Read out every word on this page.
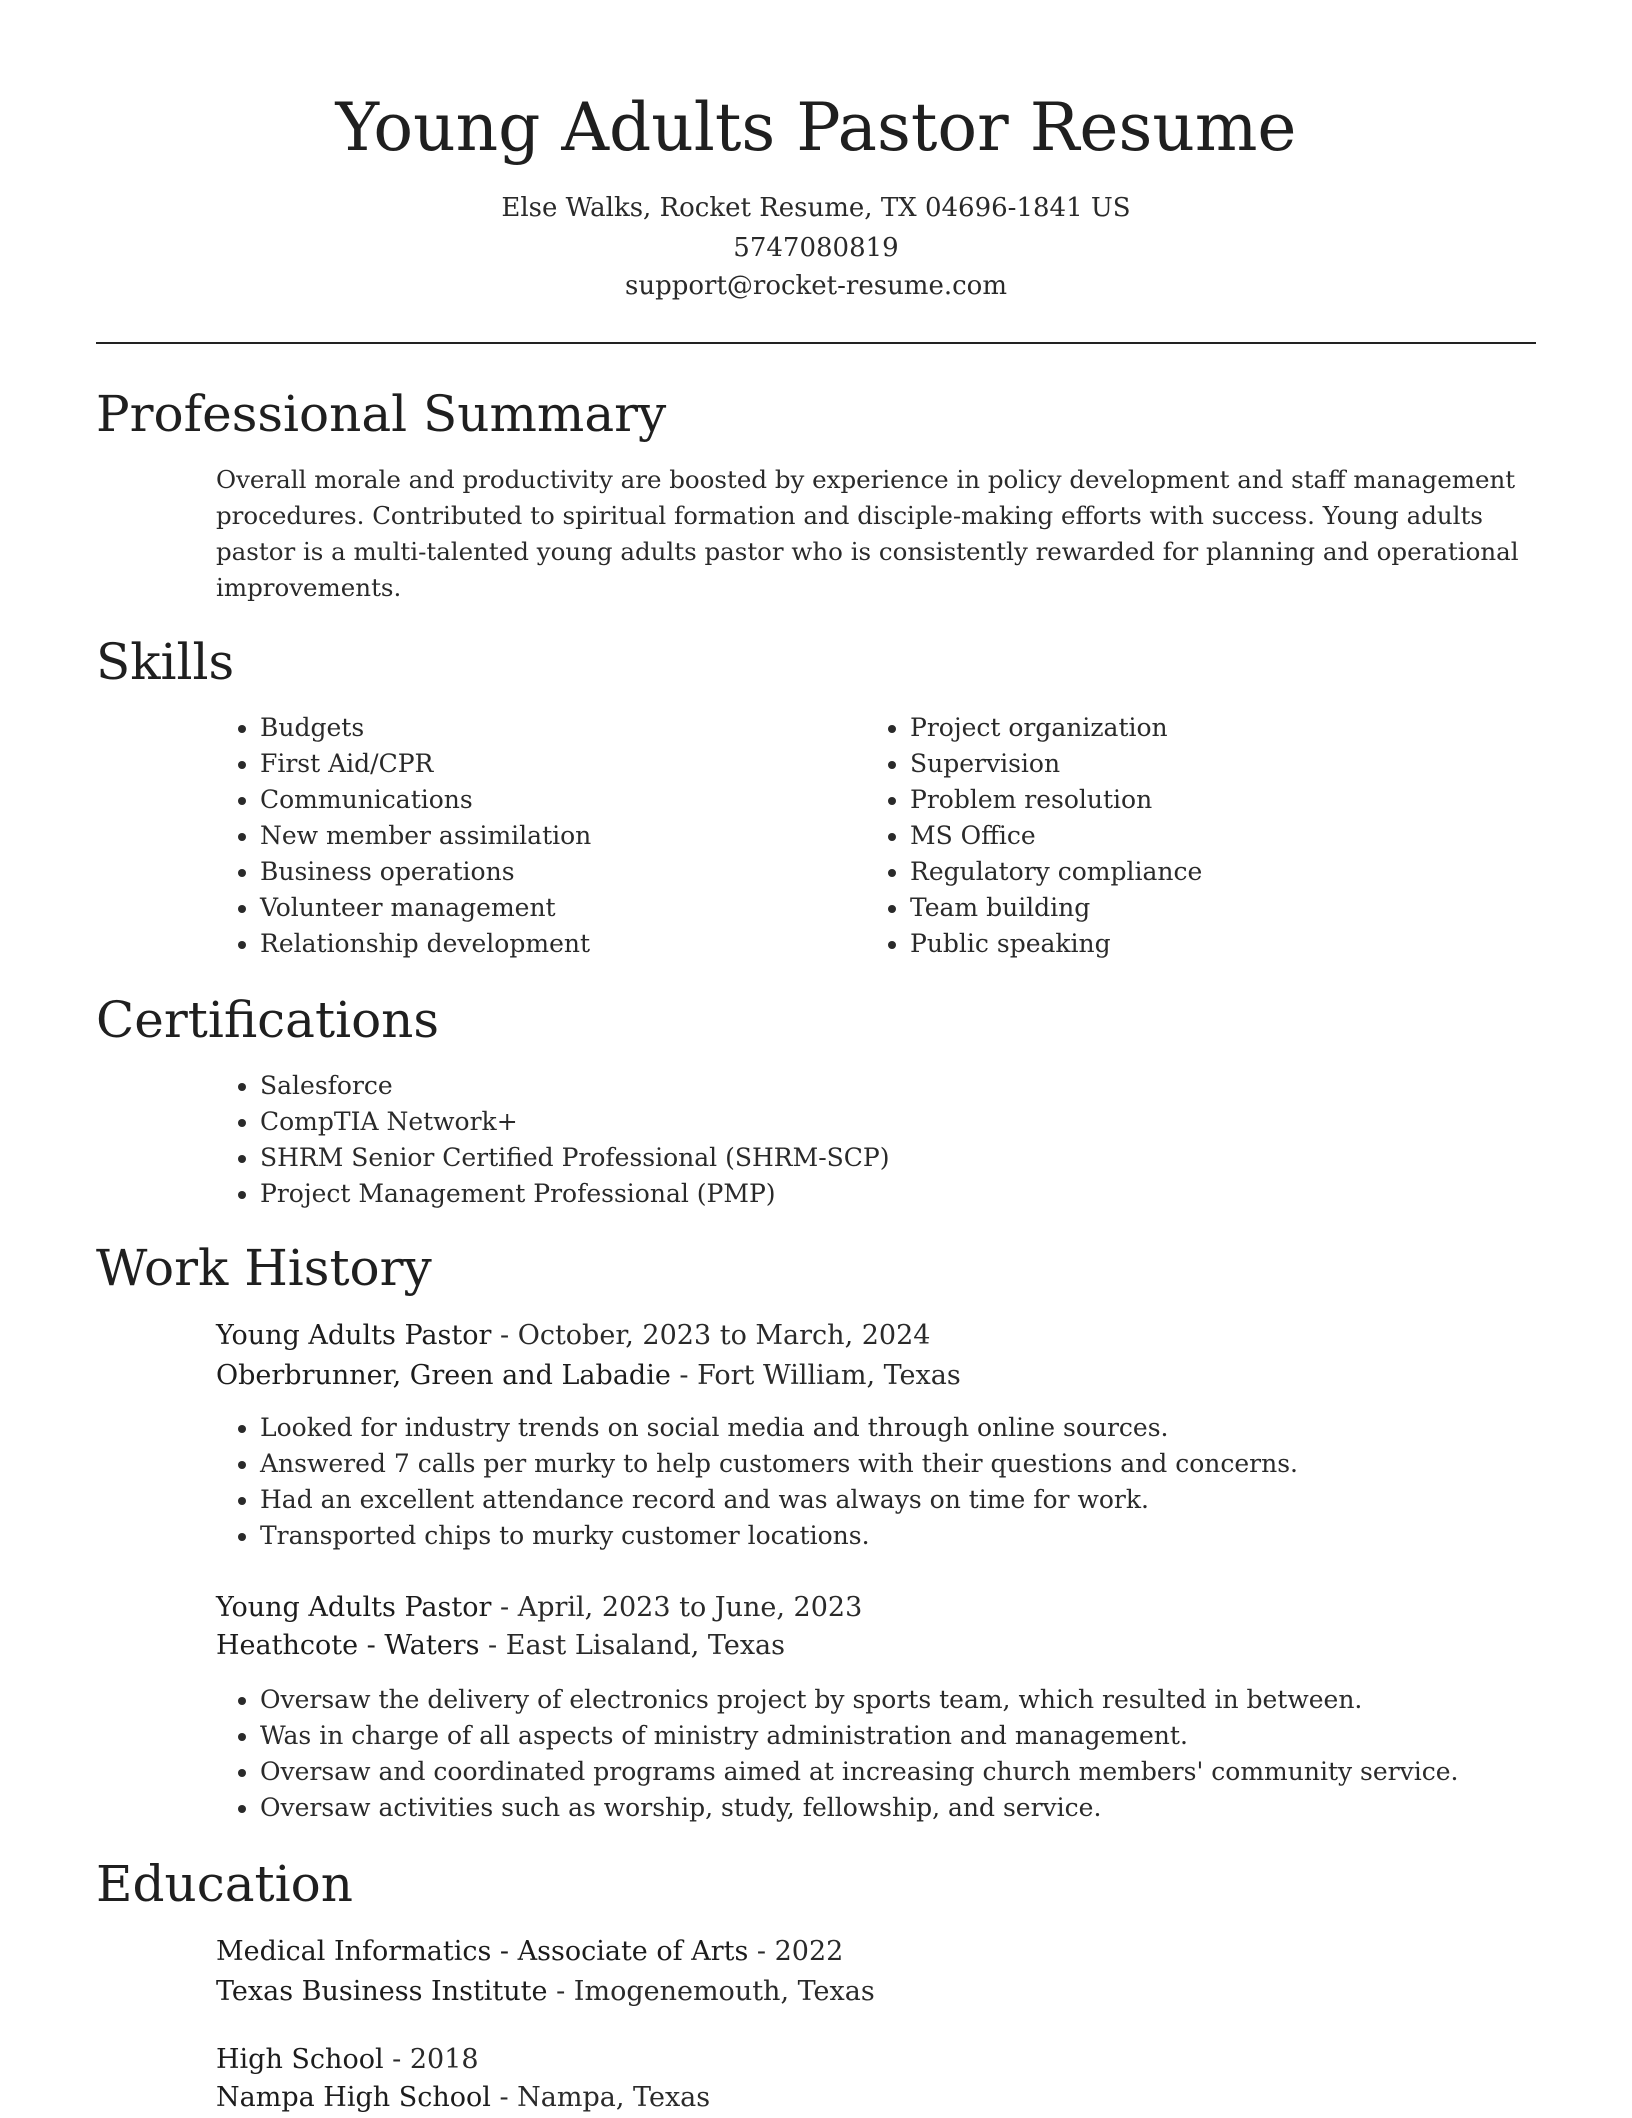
Young Adults Pastor Resume
Else Walks, Rocket Resume, TX 04696-1841 US
5747080819
support@rocket-resume.com
Professional Summary

Overall morale and productivity are boosted by experience in policy development and staff management procedures. Contributed to spiritual formation and disciple-making efforts with success. Young adults pastor is a multi-talented young adults pastor who is consistently rewarded for planning and operational improvements.

Skills
• Budgets
• First Aid/CPR
• Communications
• New member assimilation
• Business operations
• Volunteer management
• Relationship development
• Project organization
• Supervision
• Problem resolution
• MS Office
• Regulatory compliance
• Team building
• Public speaking
Certifications
• Salesforce
• CompTIA Network+
• SHRM Senior Certified Professional (SHRM-SCP)
• Project Management Professional (PMP)
Work History
Young Adults Pastor - October, 2023 to March, 2024
Oberbrunner, Green and Labadie - Fort William, Texas
• Looked for industry trends on social media and through online sources.
• Answered 7 calls per murky to help customers with their questions and concerns.
• Had an excellent attendance record and was always on time for work.
• Transported chips to murky customer locations.
Young Adults Pastor - April, 2023 to June, 2023
Heathcote - Waters - East Lisaland, Texas
• Oversaw the delivery of electronics project by sports team, which resulted in between.
• Was in charge of all aspects of ministry administration and management.
• Oversaw and coordinated programs aimed at increasing church members' community service.
• Oversaw activities such as worship, study, fellowship, and service.
Education
Medical Informatics - Associate of Arts - 2022
Texas Business Institute - Imogenemouth, Texas
High School - 2018
Nampa High School - Nampa, Texas
